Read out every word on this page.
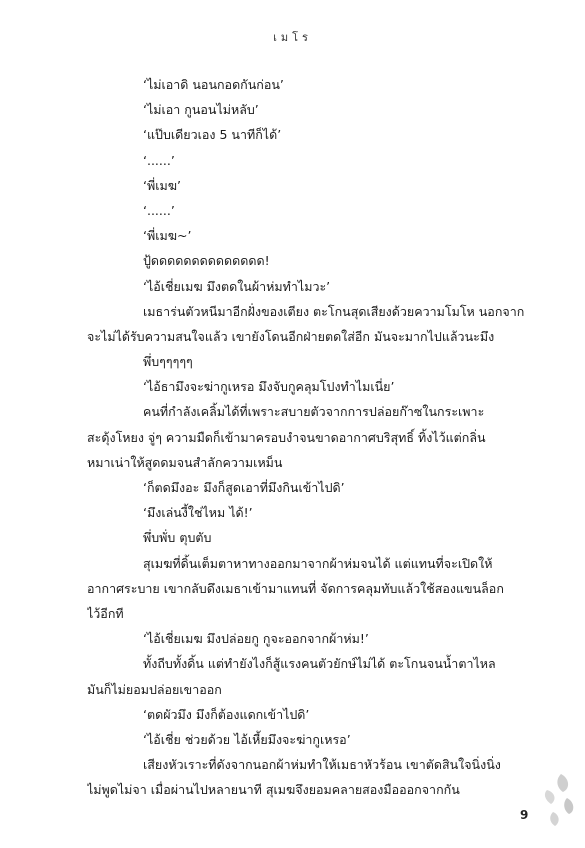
เมโร
‘ไม่เอาดิ นอนกอดกันก่อน’
‘ไม่เอา กูนอนไม่หลับ’
‘แป๊บเดียวเอง 5 นาทีก็ได้’
‘......’
‘พี่เมฆ’
‘......’
‘พี่เมฆ~’
ปู้ดดดดดดดดดดดดดด!
‘ไอ้เชี่ยเมฆ มึงตดในผ้าห่มทำไมวะ’
เมธาร่นตัวหนีมาอีกฝั่งของเตียง ตะโกนสุดเสียงด้วยความโมโห นอกจาก
จะไม่ได้รับความสนใจแล้ว เขายังโดนอีกฝ่ายตดใส่อีก มันจะมากไปแล้วนะมึง
พึ่บๆๆๆๆๆ
‘ไอ้ธามึงจะฆ่ากูเหรอ มึงจับกูคลุมโปงทำไมเนี่ย’
คนที่กำลังเคลิ้มได้ที่เพราะสบายตัวจากการปล่อยก๊าซในกระเพาะ
สะดุ้งโหยง จู่ๆ ความมืดก็เข้ามาครอบงำจนขาดอากาศบริสุทธิ์ ทิ้งไว้แต่กลิ่น
หมาเน่าให้สูดดมจนสำลักความเหม็น
‘ก็ตดมึงอะ มึงก็สูดเอาที่มึงกินเข้าไปดิ’
‘มึงเล่นงี้ใช่ไหม ได้!’
พึ่บพั่บ ตุบตับ
สุเมฆที่ดิ้นเต็มตาหาทางออกมาจากผ้าห่มจนได้ แต่แทนที่จะเปิดให้
อากาศระบาย เขากลับดึงเมธาเข้ามาแทนที่ จัดการคลุมทับแล้วใช้สองแขนล็อก
ไว้อีกที
‘ไอ้เชี่ยเมฆ มึงปล่อยกู กูจะออกจากผ้าห่ม!’
ทั้งถีบทั้งดิ้น แต่ทำยังไงก็สู้แรงคนตัวยักษ์ไม่ได้ ตะโกนจนน้ำตาไหล
มันก็ไม่ยอมปล่อยเขาออก
‘ตดผัวมึง มึงก็ต้องแดกเข้าไปดิ’
‘ไอ้เชี่ย ช่วยด้วย ไอ้เหี้ยมึงจะฆ่ากูเหรอ’
เสียงหัวเราะที่ดังจากนอกผ้าห่มทำให้เมธาหัวร้อน เขาตัดสินใจนิ่งนิ่ง
ไม่พูดไม่จา เมื่อผ่านไปหลายนาที สุเมฆจึงยอมคลายสองมือออกจากกัน
9
